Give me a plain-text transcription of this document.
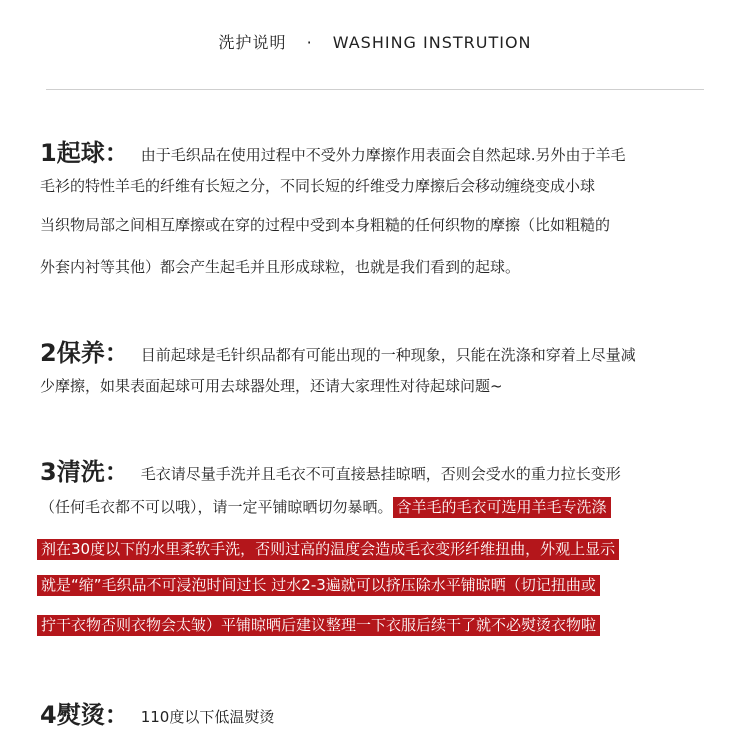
洗护说明 · WASHING INSTRUTION
1起球： 由于毛织品在使用过程中不受外力摩擦作用表面会自然起球.另外由于羊毛
毛衫的特性羊毛的纤维有长短之分，不同长短的纤维受力摩擦后会移动缠绕变成小球
当织物局部之间相互摩擦或在穿的过程中受到本身粗糙的任何织物的摩擦（比如粗糙的
外套内衬等其他）都会产生起毛并且形成球粒，也就是我们看到的起球。
2保养： 目前起球是毛针织品都有可能出现的一种现象，只能在洗涤和穿着上尽量减
少摩擦，如果表面起球可用去球器处理，还请大家理性对待起球问题~
3清洗： 毛衣请尽量手洗并且毛衣不可直接悬挂晾晒，否则会受水的重力拉长变形
（任何毛衣都不可以哦），请一定平铺晾晒切勿暴晒。 含羊毛的毛衣可选用羊毛专洗涤
剂在30度以下的水里柔软手洗，否则过高的温度会造成毛衣变形纤维扭曲，外观上显示
就是“缩”毛织品不可浸泡时间过长 过水2-3遍就可以挤压除水平铺晾晒（切记扭曲或
拧干衣物否则衣物会太皱）平铺晾晒后建议整理一下衣服后续干了就不必熨烫衣物啦
4熨烫： 110度以下低温熨烫
